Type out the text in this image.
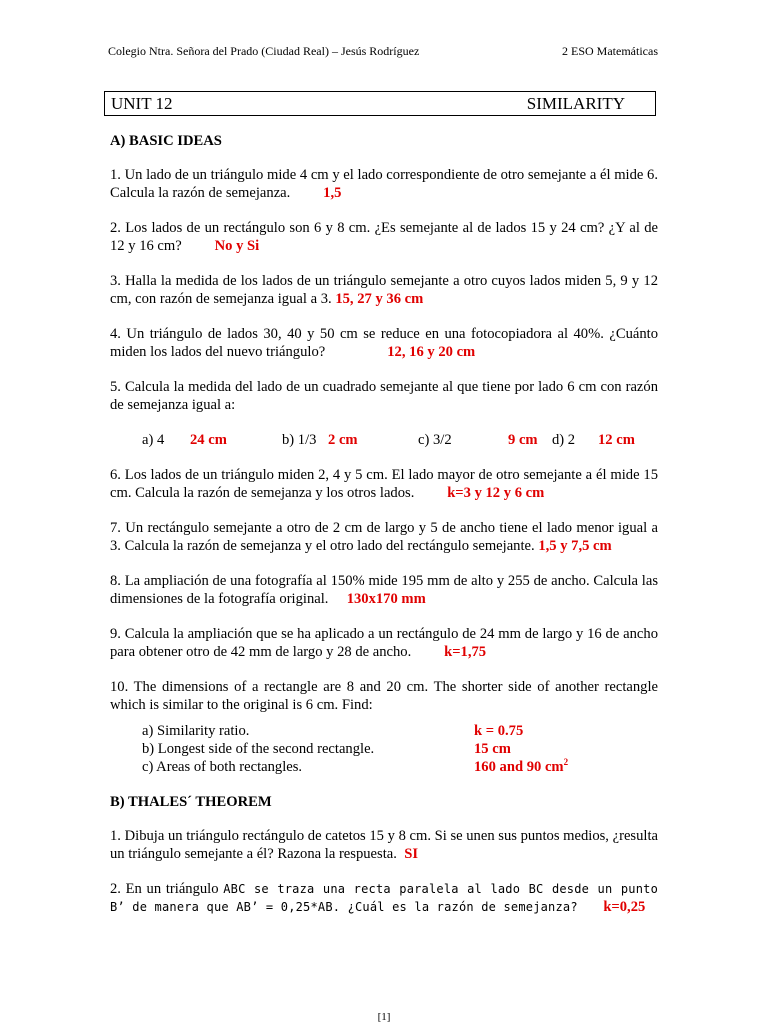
Colegio Ntra. Señora del Prado (Ciudad Real) – Jesús Rodríguez	2 ESO Matemáticas
UNIT 12	SIMILARITY
A) BASIC IDEAS
1. Un lado de un triángulo mide 4 cm y el lado correspondiente de otro semejante a él mide 6. Calcula la razón de semejanza. 1,5
2. Los lados de un rectángulo son 6 y 8 cm. ¿Es semejante al de lados 15 y 24 cm? ¿Y al de 12 y 16 cm? No y Si
3. Halla la medida de los lados de un triángulo semejante a otro cuyos lados miden 5, 9 y 12 cm, con razón de semejanza igual a 3. 15, 27 y 36 cm
4. Un triángulo de lados 30, 40 y 50 cm se reduce en una fotocopiadora al 40%. ¿Cuánto miden los lados del nuevo triángulo?	12, 16 y 20 cm
5. Calcula la medida del lado de un cuadrado semejante al que tiene por lado 6 cm con razón de semejanza igual a:
a) 4 24 cm	b) 1/3 2 cm	c) 3/2	9 cm d) 2 12 cm
6. Los lados de un triángulo miden 2, 4 y 5 cm. El lado mayor de otro semejante a él mide 15 cm. Calcula la razón de semejanza y los otros lados. k=3 y 12 y 6 cm
7. Un rectángulo semejante a otro de 2 cm de largo y 5 de ancho tiene el lado menor igual a 3. Calcula la razón de semejanza y el otro lado del rectángulo semejante. 1,5 y 7,5 cm
8. La ampliación de una fotografía al 150% mide 195 mm de alto y 255 de ancho. Calcula las dimensiones de la fotografía original. 130x170 mm
9. Calcula la ampliación que se ha aplicado a un rectángulo de 24 mm de largo y 16 de ancho para obtener otro de 42 mm de largo y 28 de ancho. k=1,75
10. The dimensions of a rectangle are 8 and 20 cm. The shorter side of another rectangle which is similar to the original is 6 cm. Find:
a) Similarity ratio.	k = 0.75
b) Longest side of the second rectangle.	15 cm
c) Areas of both rectangles.	160 and 90 $cm^2$
B) THALES´ THEOREM
1. Dibuja un triángulo rectángulo de catetos 15 y 8 cm. Si se unen sus puntos medios, ¿resulta un triángulo semejante a él? Razona la respuesta. SI
2. En un triángulo ABC se traza una recta paralela al lado BC desde un punto B’ de manera que AB’ = 0,25*AB. ¿Cuál es la razón de semejanza? k=0,25
[1]
